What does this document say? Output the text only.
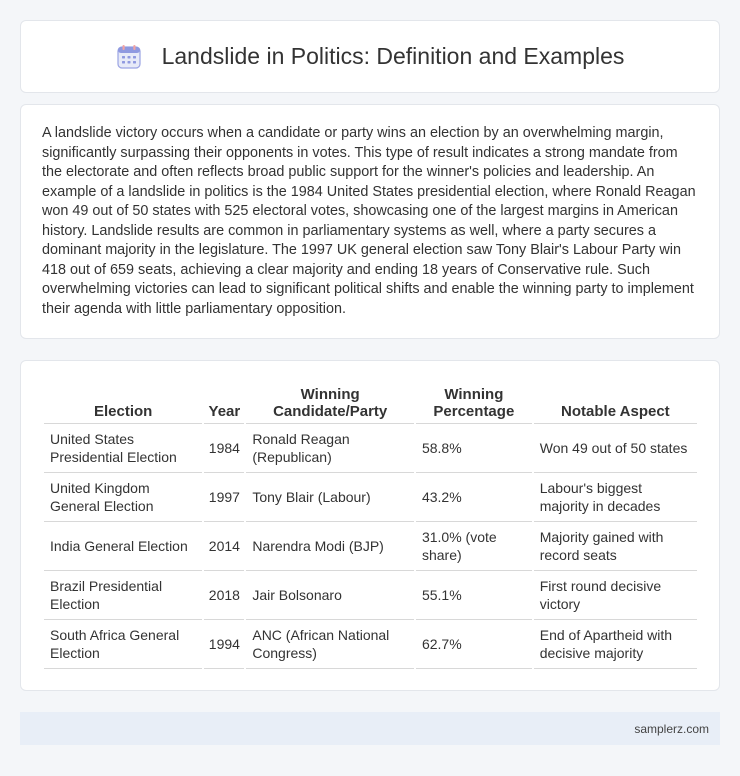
Landslide in Politics: Definition and Examples

A landslide victory occurs when a candidate or party wins an election by an overwhelming margin, significantly surpassing their opponents in votes. This type of result indicates a strong mandate from the electorate and often reflects broad public support for the winner's policies and leadership. An example of a landslide in politics is the 1984 United States presidential election, where Ronald Reagan won 49 out of 50 states with 525 electoral votes, showcasing one of the largest margins in American history. Landslide results are common in parliamentary systems as well, where a party secures a dominant majority in the legislature. The 1997 UK general election saw Tony Blair's Labour Party win 418 out of 659 seats, achieving a clear majority and ending 18 years of Conservative rule. Such overwhelming victories can lead to significant political shifts and enable the winning party to implement their agenda with little parliamentary opposition.

Election	Year	Winning Candidate/Party	Winning Percentage	Notable Aspect
United States Presidential Election	1984	Ronald Reagan (Republican)	58.8%	Won 49 out of 50 states
United Kingdom General Election	1997	Tony Blair (Labour)	43.2%	Labour's biggest majority in decades
India General Election	2014	Narendra Modi (BJP)	31.0% (vote share)	Majority gained with record seats
Brazil Presidential Election	2018	Jair Bolsonaro	55.1%	First round decisive victory
South Africa General Election	1994	ANC (African National Congress)	62.7%	End of Apartheid with decisive majority
samplerz.com
